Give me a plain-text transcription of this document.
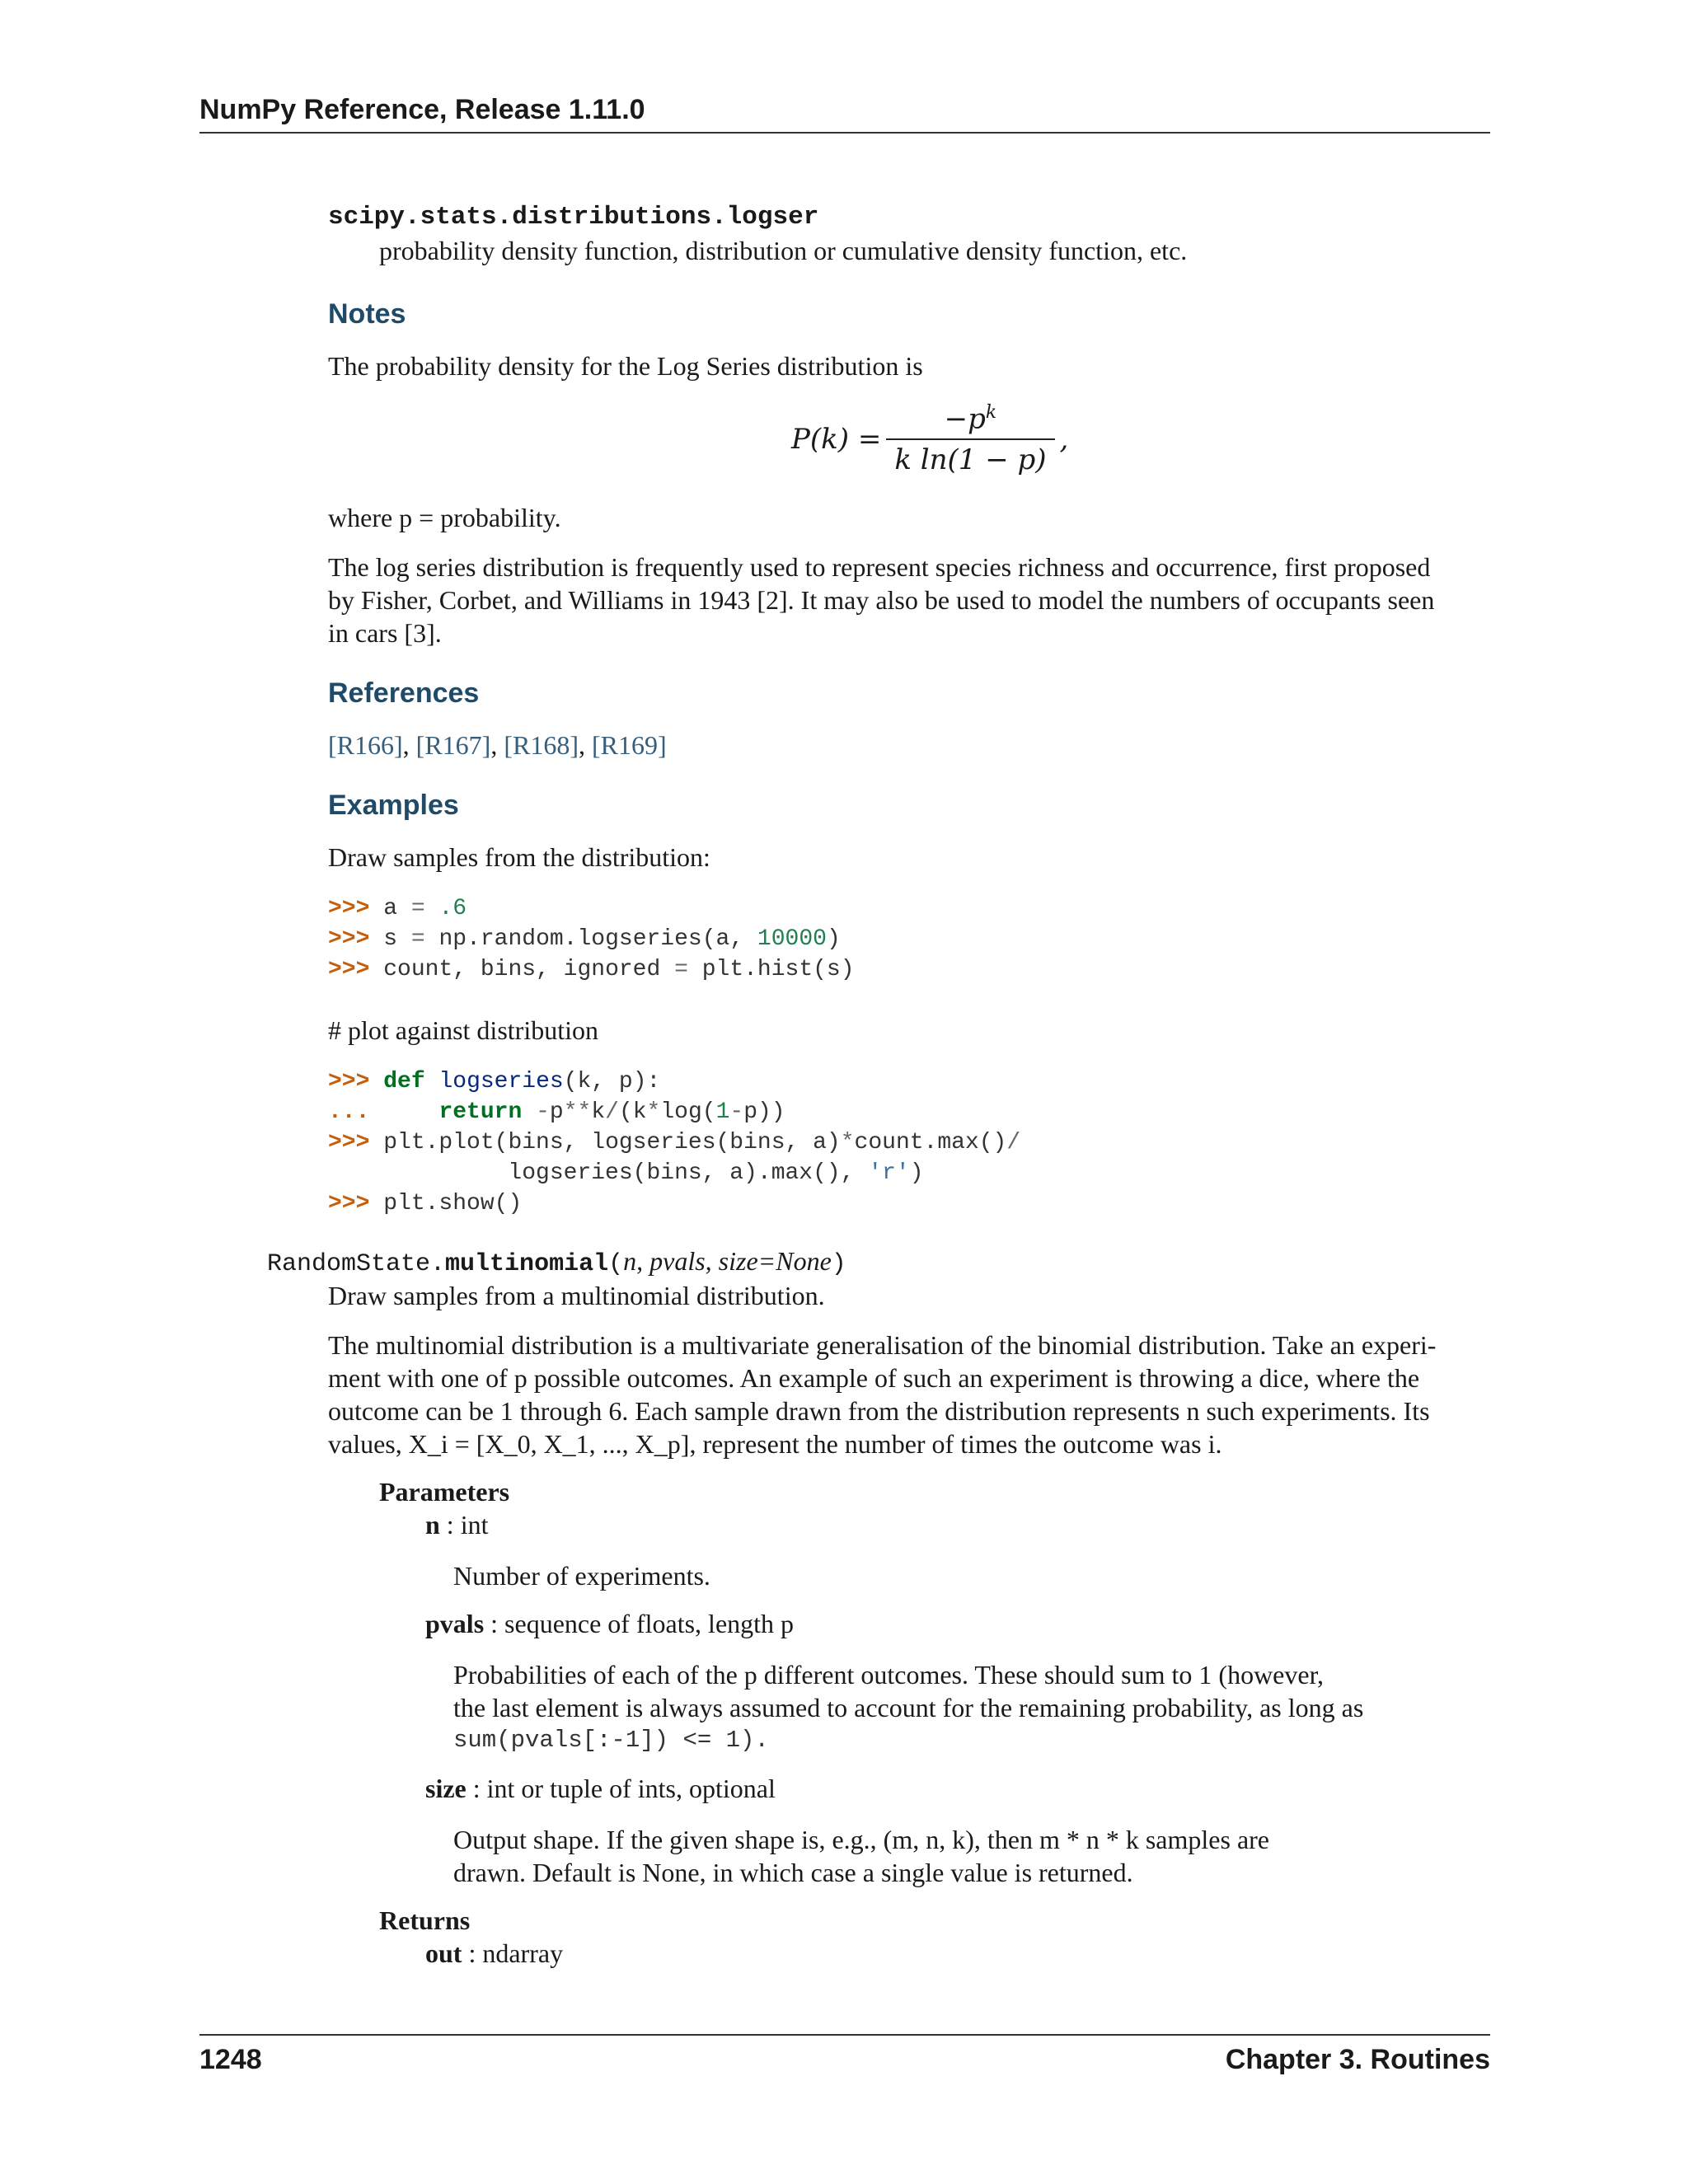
NumPy Reference, Release 1.11.0
scipy.stats.distributions.logser
probability density function, distribution or cumulative density function, etc.
Notes
The probability density for the Log Series distribution is
$P(k) = \frac{-p^k}{\text{k ln(1 − p)}}$ ,
where p = probability.
The log series distribution is frequently used to represent species richness and occurrence, first proposed
by Fisher, Corbet, and Williams in 1943 [2]. It may also be used to model the numbers of occupants seen
in cars [3].
References
[R166], [R167], [R168], [R169]
Examples
Draw samples from the distribution:
>>> a = .6
>>> s = np.random.logseries(a, 10000)
>>> count, bins, ignored = plt.hist(s)
# plot against distribution
>>> def logseries(k, p):
...	return -p**k/(k*log(1-p))
>>> plt.plot(bins, logseries(bins, a)*count.max()/
logseries(bins, a).max(), 'r')
>>> plt.show()
RandomState.multinomial(n, pvals, size=None)
Draw samples from a multinomial distribution.
The multinomial distribution is a multivariate generalisation of the binomial distribution. Take an experi-
ment with one of p possible outcomes. An example of such an experiment is throwing a dice, where the
outcome can be 1 through 6. Each sample drawn from the distribution represents n such experiments. Its
values, X_i = [X_0, X_1, ..., X_p], represent the number of times the outcome was i.
Parameters
n : int
Number of experiments.
pvals : sequence of floats, length p
Probabilities of each of the p different outcomes. These should sum to 1 (however,
the last element is always assumed to account for the remaining probability, as long as
sum(pvals[:-1]) <= 1).
size : int or tuple of ints, optional
Output shape. If the given shape is, e.g., (m, n, k), then m * n * k samples are
drawn. Default is None, in which case a single value is returned.
Returns
out : ndarray
1248	Chapter 3. Routines
